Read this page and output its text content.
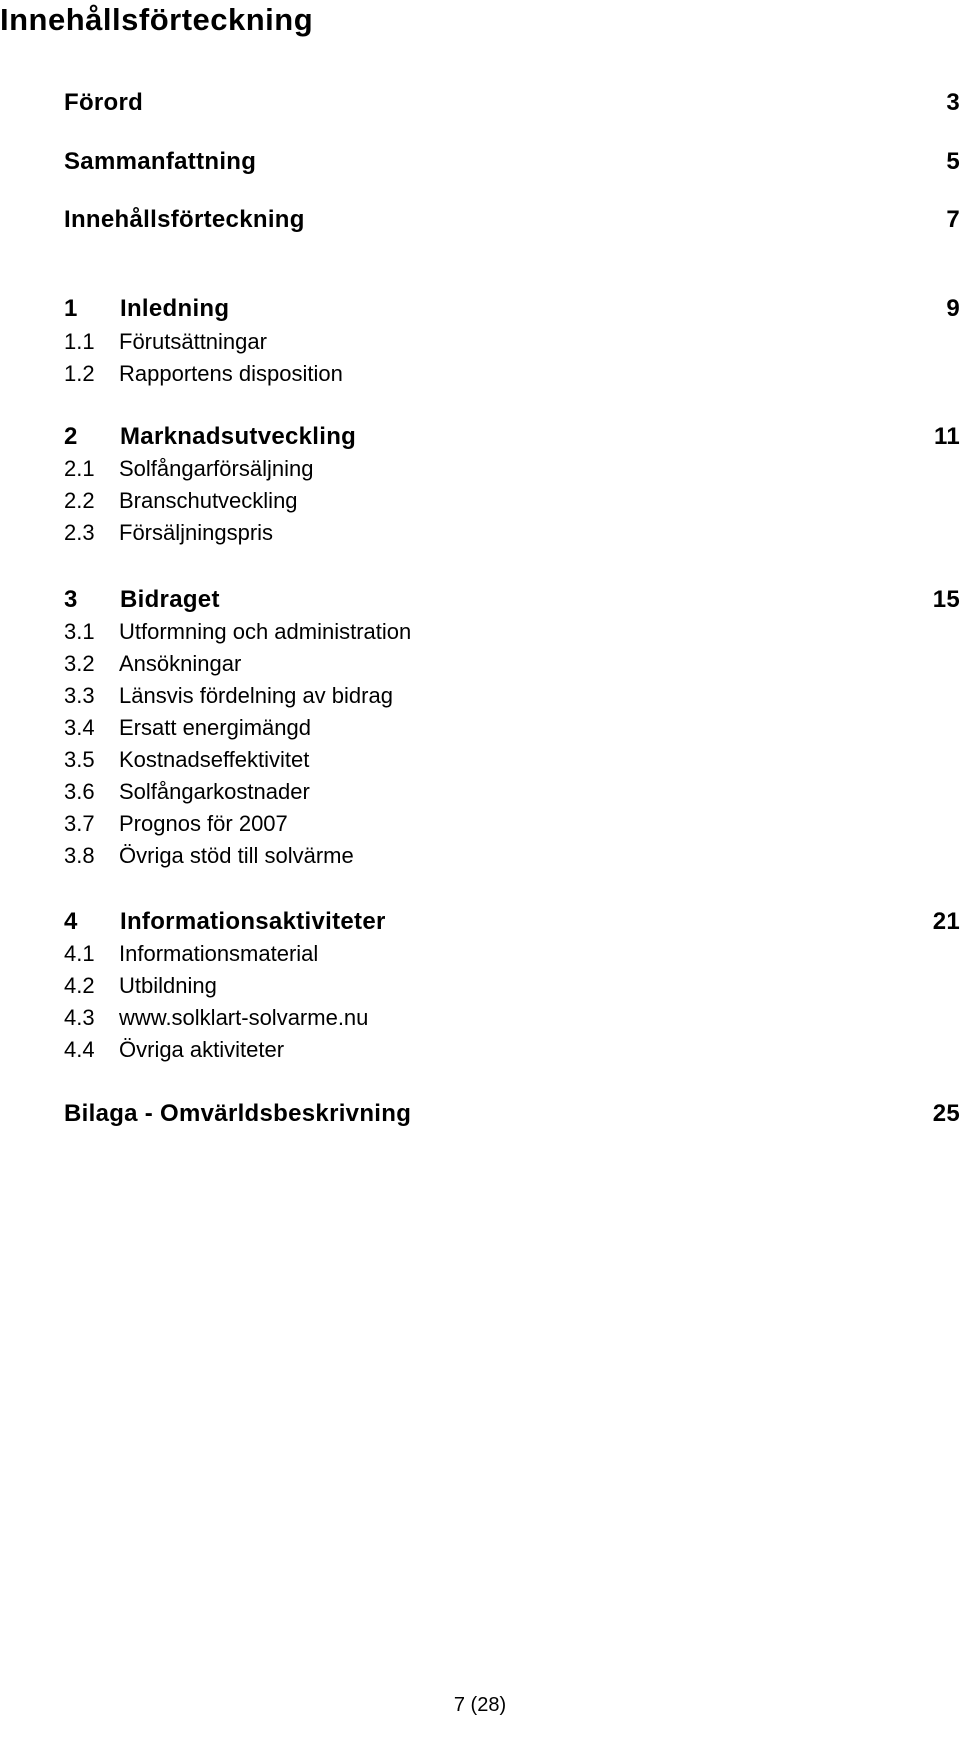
Innehållsförteckning
Förord	3
Sammanfattning	5
Innehållsförteckning	7
1 Inledning	9
1.1 Förutsättningar
1.2 Rapportens disposition
2 Marknadsutveckling	11
2.1 Solfångarförsäljning
2.2 Branschutveckling
2.3 Försäljningspris
3 Bidraget	15
3.1 Utformning och administration
3.2 Ansökningar
3.3 Länsvis fördelning av bidrag
3.4 Ersatt energimängd
3.5 Kostnadseffektivitet
3.6 Solfångarkostnader
3.7 Prognos för 2007
3.8 Övriga stöd till solvärme
4 Informationsaktiviteter	21
4.1 Informationsmaterial
4.2 Utbildning
4.3 www.solklart-solvarme.nu
4.4 Övriga aktiviteter
Bilaga - Omvärldsbeskrivning	25
7 (28)
